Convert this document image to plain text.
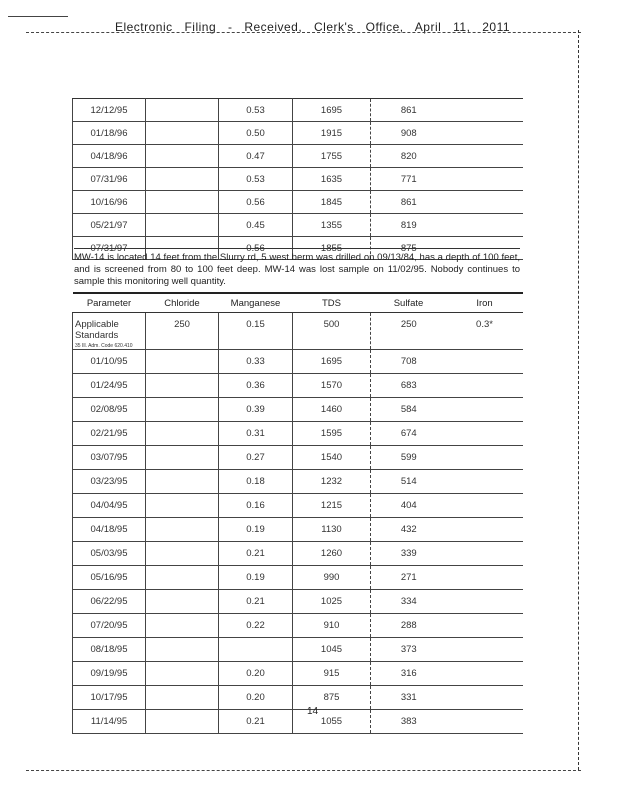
Electronic Filing - Received, Clerk's Office, April 11, 2011
12/12/95		0.53	1695	861	
01/18/96		0.50	1915	908	
04/18/96		0.47	1755	820	
07/31/96		0.53	1635	771	
10/16/96		0.56	1845	861	
05/21/97		0.45	1355	819	
07/31/97		0.56	1855	875	
MW-14 is located 14 feet from the Slurry rd, 5 west berm was drilled on 09/13/84, has a depth of 100 feet, and is screened from 80 to 100 feet deep. MW-14 was lost sample on 11/02/95. Nobody continues to sample this monitoring well quantity.
Parameter	Chloride	Manganese	TDS	Sulfate	Iron
Applicable Standards
35 Ill. Adm. Code 620.410	250	0.15	500	250	0.3*
01/10/95		0.33	1695	708	
01/24/95		0.36	1570	683	
02/08/95		0.39	1460	584	
02/21/95		0.31	1595	674	
03/07/95		0.27	1540	599	
03/23/95		0.18	1232	514	
04/04/95		0.16	1215	404	
04/18/95		0.19	1130	432	
05/03/95		0.21	1260	339	
05/16/95		0.19	990	271	
06/22/95		0.21	1025	334	
07/20/95		0.22	910	288	
08/18/95			1045	373	
09/19/95		0.20	915	316	
10/17/95		0.20	875	331	
11/14/95		0.21	1055	383	
14
